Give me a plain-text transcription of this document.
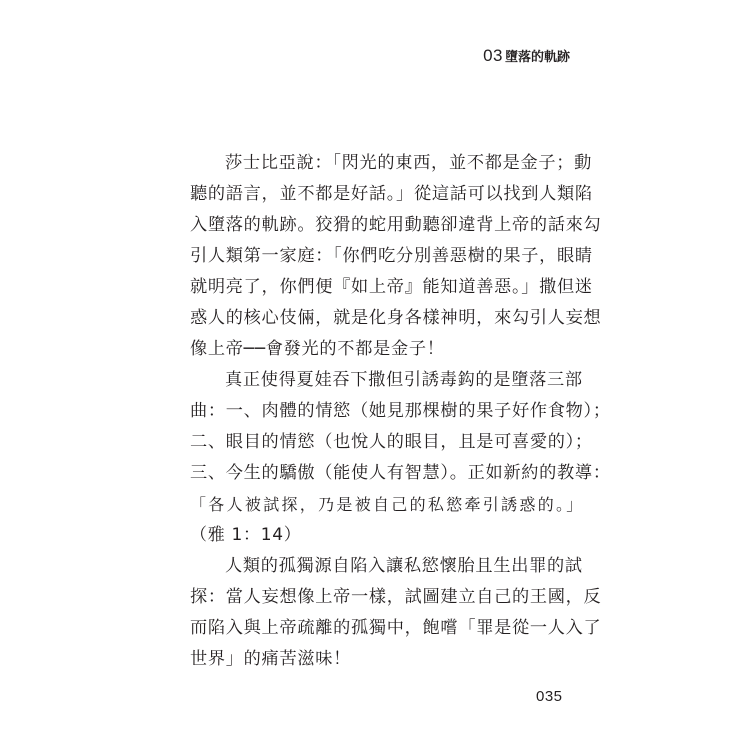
03 墮落的軌跡
莎士比亞說：「閃光的東西，並不都是金子；動
聽的語言，並不都是好話。」從這話可以找到人類陷
入墮落的軌跡。狡猾的蛇用動聽卻違背上帝的話來勾
引人類第一家庭：「你們吃分別善惡樹的果子，眼睛
就明亮了，你們便『如上帝』能知道善惡。」撒但迷
惑人的核心伎倆，就是化身各樣神明，來勾引人妄想
像上帝──會發光的不都是金子！
真正使得夏娃吞下撒但引誘毒鈎的是墮落三部
曲：一、肉體的情慾（她見那棵樹的果子好作食物）；
二、眼目的情慾（也悅人的眼目，且是可喜愛的）；
三、今生的驕傲（能使人有智慧）。正如新約的教導：
「各人被試探，乃是被自己的私慾牽引誘惑的。」
（雅 1：14）
人類的孤獨源自陷入讓私慾懷胎且生出罪的試
探：當人妄想像上帝一樣，試圖建立自己的王國，反
而陷入與上帝疏離的孤獨中，飽嚐「罪是從一人入了
世界」的痛苦滋味！
035
